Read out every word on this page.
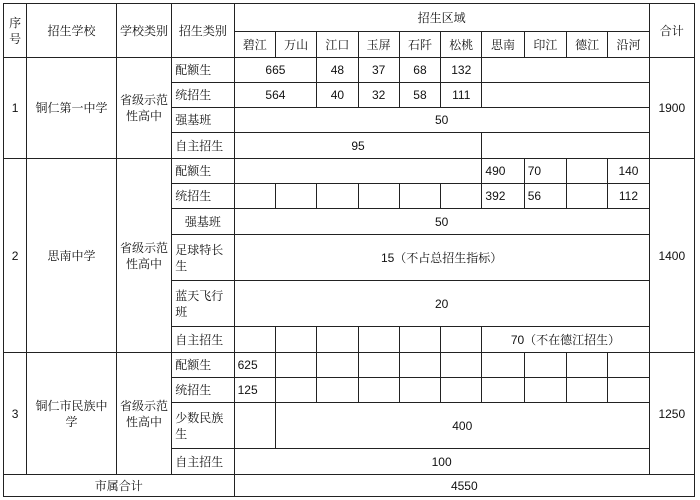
序号	招生学校	学校类别	招生类别	招生区域										合计
				碧江	万山	江口	玉屏	石阡	松桃	思南	印江	德江	沿河	
1	铜仁第一中学	省级示范性高中	配额生	665		48	37	68	132					1900
			统招生	564		40	32	58	111					
			强基班	50										
			自主招生	95										
2	思南中学	省级示范性高中	配额生							490	70		140	1400
			统招生							392	56		112	
			强基班	50										
			足球特长生	15（不占总招生指标）										
			蓝天飞行班	20										
			自主招生							70（不在德江招生）				
3	铜仁市民族中学	省级示范性高中	配额生	625										1250
			统招生	125										
			少数民族生		400									
			自主招生	100										
市属合计				4550										
